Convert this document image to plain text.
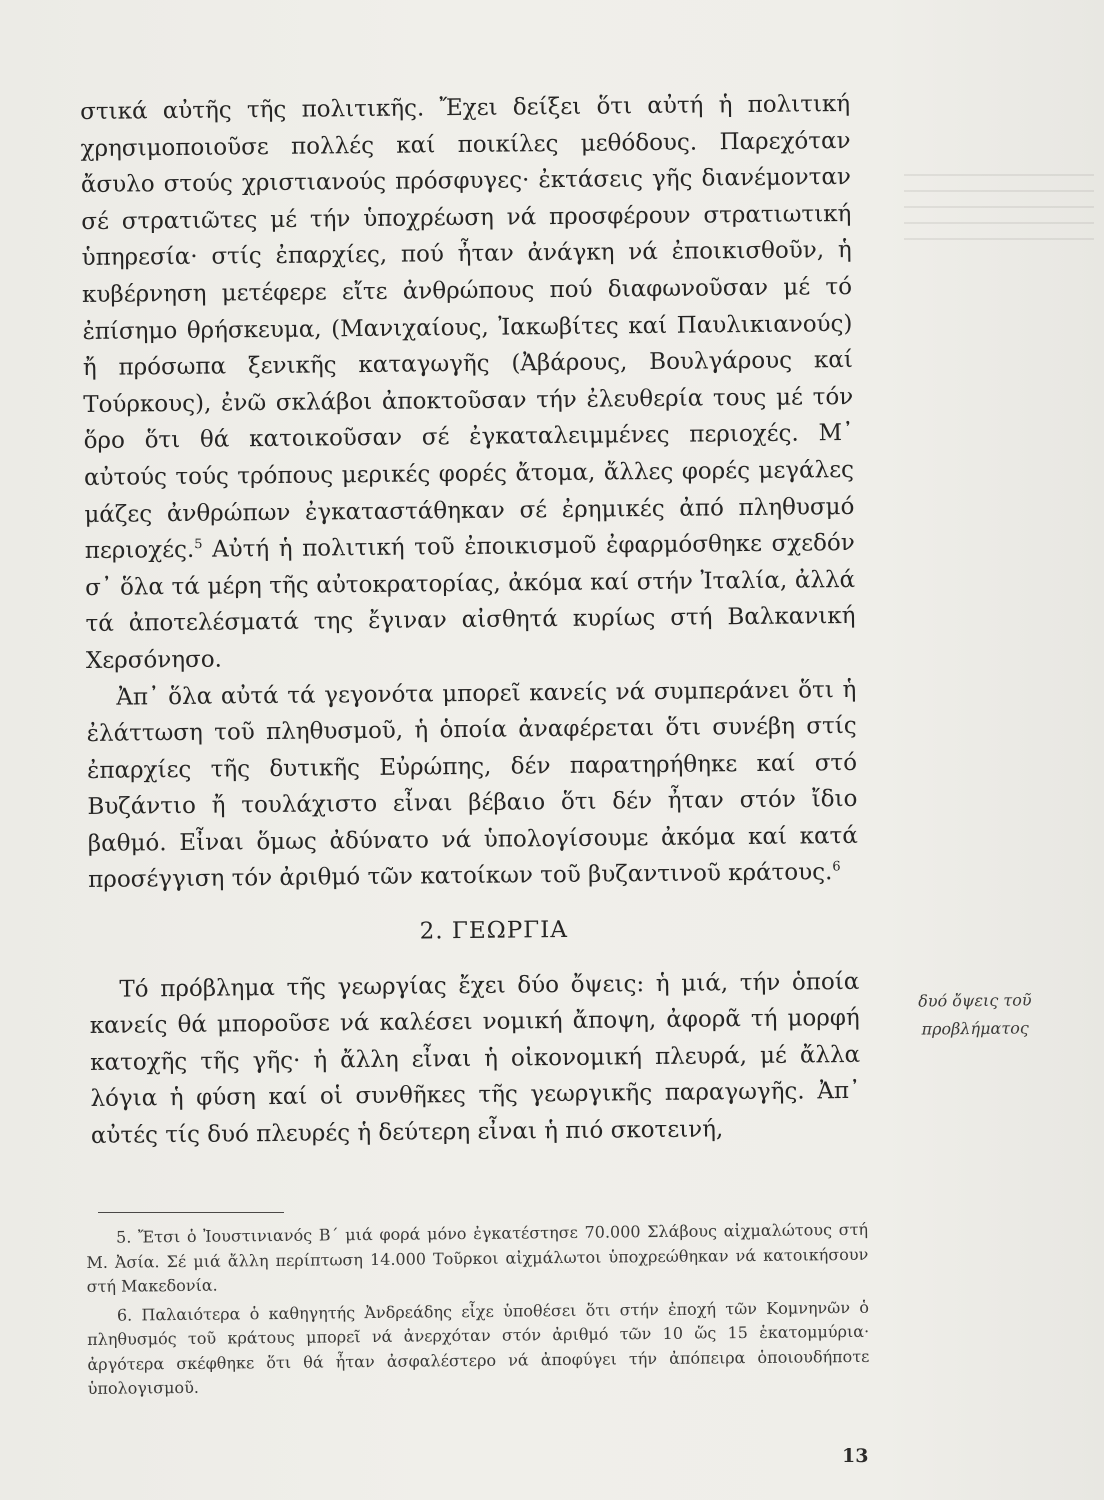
στικά αὐτῆς τῆς πολιτικῆς. Ἔχει δείξει ὅτι αὐτή ἡ πολιτική χρησιμοποιοῦσε πολλές καί ποικίλες μεθόδους. Παρεχόταν ἄσυλο στούς χριστιανούς πρόσφυγες· ἐκτάσεις γῆς διανέμονταν σέ στρατιῶτες μέ τήν ὑποχρέωση νά προσφέρουν στρατιωτική ὑπηρεσία· στίς ἐπαρχίες, πού ἦταν ἀνάγκη νά ἐποικισθοῦν, ἡ κυβέρνηση μετέφερε εἴτε ἀνθρώπους πού διαφωνοῦσαν μέ τό ἐπίσημο θρήσκευμα, (Μανιχαίους, Ἰακωβίτες καί Παυλικιανούς) ἤ πρόσωπα ξενικῆς καταγωγῆς (Ἀβάρους, Βουλγάρους καί Τούρκους), ἐνῶ σκλάβοι ἀποκτοῦσαν τήν ἐλευθερία τους μέ τόν ὅρο ὅτι θά κατοικοῦσαν σέ ἐγκαταλειμμένες περιοχές. Μ᾿ αὐτούς τούς τρόπους μερικές φορές ἄτομα, ἄλλες φορές μεγάλες μάζες ἀνθρώπων ἐγκαταστάθηκαν σέ ἐρημικές ἀπό πληθυσμό περιοχές.$^5$ Αὐτή ἡ πολιτική τοῦ ἐποικισμοῦ ἐφαρμόσθηκε σχεδόν σ᾿ ὅλα τά μέρη τῆς αὐτοκρατορίας, ἀκόμα καί στήν Ἰταλία, ἀλλά τά ἀποτελέσματά της ἔγιναν αἰσθητά κυρίως στή Βαλκανική Χερσόνησο.

Ἀπ᾿ ὅλα αὐτά τά γεγονότα μπορεῖ κανείς νά συμπεράνει ὅτι ἡ ἐλάττωση τοῦ πληθυσμοῦ, ἡ ὁποία ἀναφέρεται ὅτι συνέβη στίς ἐπαρχίες τῆς δυτικῆς Εὐρώπης, δέν παρατηρήθηκε καί στό Βυζάντιο ἤ τουλάχιστο εἶναι βέβαιο ὅτι δέν ἦταν στόν ἴδιο βαθμό. Εἶναι ὅμως ἀδύνατο νά ὑπολογίσουμε ἀκόμα καί κατά προσέγγιση τόν ἀριθμό τῶν κατοίκων τοῦ βυζαντινοῦ κράτους.$^6$

2. ΓΕΩΡΓΙΑ

Τό πρόβλημα τῆς γεωργίας ἔχει δύο ὄψεις: ἡ μιά, τήν ὁποία κανείς θά μποροῦσε νά καλέσει νομική ἄποψη, ἀφορᾶ τή μορφή κατοχῆς τῆς γῆς· ἡ ἄλλη εἶναι ἡ οἰκονομική πλευρά, μέ ἄλλα λόγια ἡ φύση καί οἱ συνθῆκες τῆς γεωργικῆς παραγωγῆς. Ἀπ᾿ αὐτές τίς δυό πλευρές ἡ δεύτερη εἶναι ἡ πιό σκοτεινή,

δυό ὄψεις τοῦ
προβλήματος

5. Ἔτσι ὁ Ἰουστινιανός Β΄ μιά φορά μόνο ἐγκατέστησε 70.000 Σλάβους αἰχμαλώτους στή Μ. Ἀσία. Σέ μιά ἄλλη περίπτωση 14.000 Τοῦρκοι αἰχμάλωτοι ὑποχρεώθηκαν νά κατοικήσουν στή Μακεδονία.

6. Παλαιότερα ὁ καθηγητής Ἀνδρεάδης εἶχε ὑποθέσει ὅτι στήν ἐποχή τῶν Κομνηνῶν ὁ πληθυσμός τοῦ κράτους μπορεῖ νά ἀνερχόταν στόν ἀριθμό τῶν 10 ὥς 15 ἑκατομμύρια· ἀργότερα σκέφθηκε ὅτι θά ἦταν ἀσφαλέστερο νά ἀποφύγει τήν ἀπόπειρα ὁποιουδήποτε ὑπολογισμοῦ.

13
